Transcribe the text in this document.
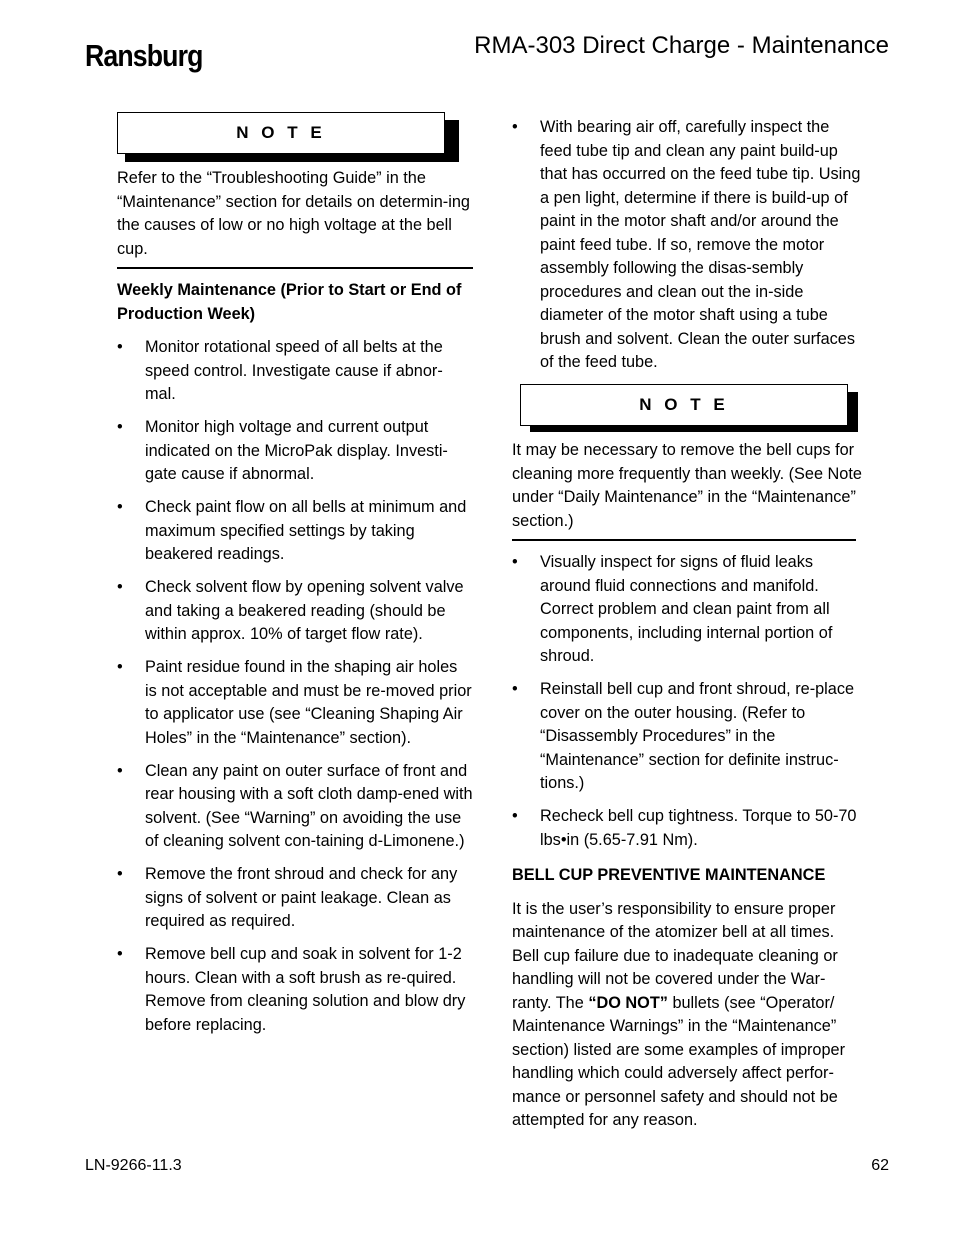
Ransburg	RMA-303 Direct Charge - Maintenance
N O T E

Refer to the “Troubleshooting Guide” in the “Maintenance” section for details on determin-ing the causes of low or no high voltage at the bell cup.

Weekly Maintenance (Prior to Start or End of Production Week)

• Monitor rotational speed of all belts at the speed control. Investigate cause if abnor-mal.
• Monitor high voltage and current output indicated on the MicroPak display. Investi-gate cause if abnormal.
• Check paint flow on all bells at minimum and maximum specified settings by taking beakered readings.
• Check solvent flow by opening solvent valve and taking a beakered reading (should be within approx. 10% of target flow rate).
• Paint residue found in the shaping air holes is not acceptable and must be re-moved prior to applicator use (see “Cleaning Shaping Air Holes” in the “Maintenance” section).
• Clean any paint on outer surface of front and rear housing with a soft cloth damp-ened with solvent. (See “Warning” on avoiding the use of cleaning solvent con-taining d-Limonene.)
• Remove the front shroud and check for any signs of solvent or paint leakage. Clean as required as required.
• Remove bell cup and soak in solvent for 1-2 hours. Clean with a soft brush as re-quired. Remove from cleaning solution and blow dry before replacing.
• With bearing air off, carefully inspect the feed tube tip and clean any paint build-up that has occurred on the feed tube tip. Using a pen light, determine if there is build-up of paint in the motor shaft and/or around the paint feed tube. If so, remove the motor assembly following the disas-sembly procedures and clean out the in-side diameter of the motor shaft using a tube brush and solvent. Clean the outer surfaces of the feed tube.
N O T E

It may be necessary to remove the bell cups for cleaning more frequently than weekly. (See Note under “Daily Maintenance” in the “Maintenance” section.)

• Visually inspect for signs of fluid leaks around fluid connections and manifold. Correct problem and clean paint from all components, including internal portion of shroud.
• Reinstall bell cup and front shroud, re-place cover on the outer housing. (Refer to “Disassembly Procedures” in the “Maintenance” section for definite instruc-tions.)
• Recheck bell cup tightness. Torque to 50-70 lbs•in (5.65-7.91 Nm).

BELL CUP PREVENTIVE MAINTENANCE

It is the user’s responsibility to ensure proper maintenance of the atomizer bell at all times. Bell cup failure due to inadequate cleaning or handling will not be covered under the War-ranty. The “DO NOT” bullets (see “Operator/ Maintenance Warnings” in the “Maintenance” section) listed are some examples of improper handling which could adversely affect perfor-mance or personnel safety and should not be attempted for any reason.

LN-9266-11.3	62
